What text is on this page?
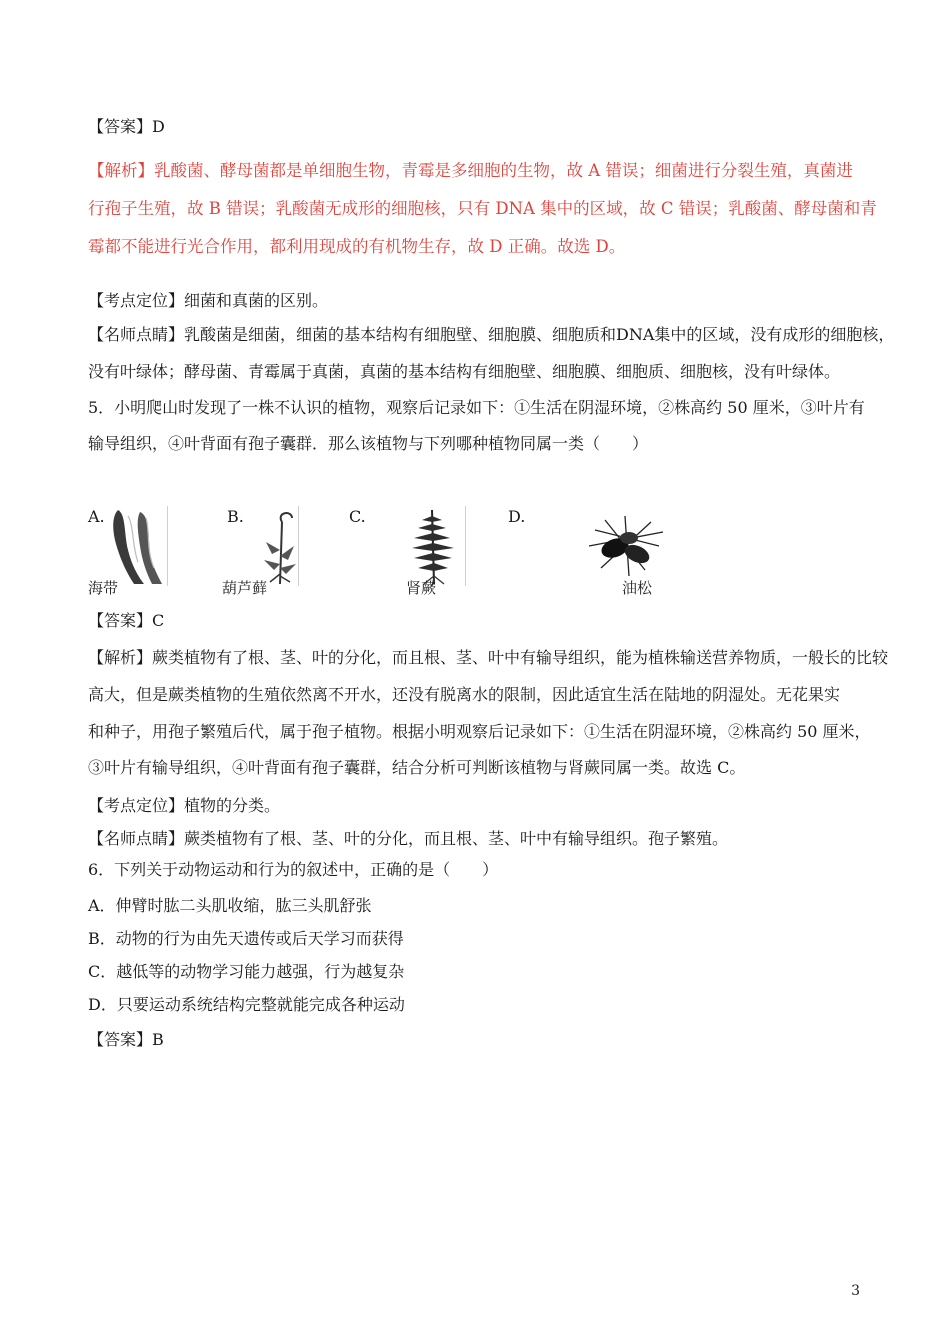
【答案】D
【解析】乳酸菌、酵母菌都是单细胞生物，青霉是多细胞的生物，故 A 错误；细菌进行分裂生殖，真菌进
行孢子生殖，故 B 错误；乳酸菌无成形的细胞核，只有 DNA 集中的区域，故 C 错误；乳酸菌、酵母菌和青
霉都不能进行光合作用，都利用现成的有机物生存，故 D 正确。故选 D。
【考点定位】细菌和真菌的区别。
【名师点睛】乳酸菌是细菌，细菌的基本结构有细胞壁、细胞膜、细胞质和DNA集中的区域，没有成形的细胞核，
没有叶绿体；酵母菌、青霉属于真菌，真菌的基本结构有细胞壁、细胞膜、细胞质、细胞核，没有叶绿体。
5．小明爬山时发现了一株不认识的植物，观察后记录如下：①生活在阴湿环境，②株高约 50 厘米，③叶片有
输导组织，④叶背面有孢子囊群．那么该植物与下列哪种植物同属一类（　　）
A.	B.	C.	D.
海带	葫芦藓	肾蕨	油松
【答案】C
【解析】蕨类植物有了根、茎、叶的分化，而且根、茎、叶中有输导组织，能为植株输送营养物质，一般长的比较
高大，但是蕨类植物的生殖依然离不开水，还没有脱离水的限制，因此适宜生活在陆地的阴湿处。无花果实
和种子，用孢子繁殖后代，属于孢子植物。根据小明观察后记录如下：①生活在阴湿环境，②株高约 50 厘米，
③叶片有输导组织，④叶背面有孢子囊群，结合分析可判断该植物与肾蕨同属一类。故选 C。
【考点定位】植物的分类。
【名师点睛】蕨类植物有了根、茎、叶的分化，而且根、茎、叶中有输导组织。孢子繁殖。
6．下列关于动物运动和行为的叙述中，正确的是（　　）
A．伸臂时肱二头肌收缩，肱三头肌舒张
B．动物的行为由先天遗传或后天学习而获得
C．越低等的动物学习能力越强，行为越复杂
D．只要运动系统结构完整就能完成各种运动
【答案】B
3
